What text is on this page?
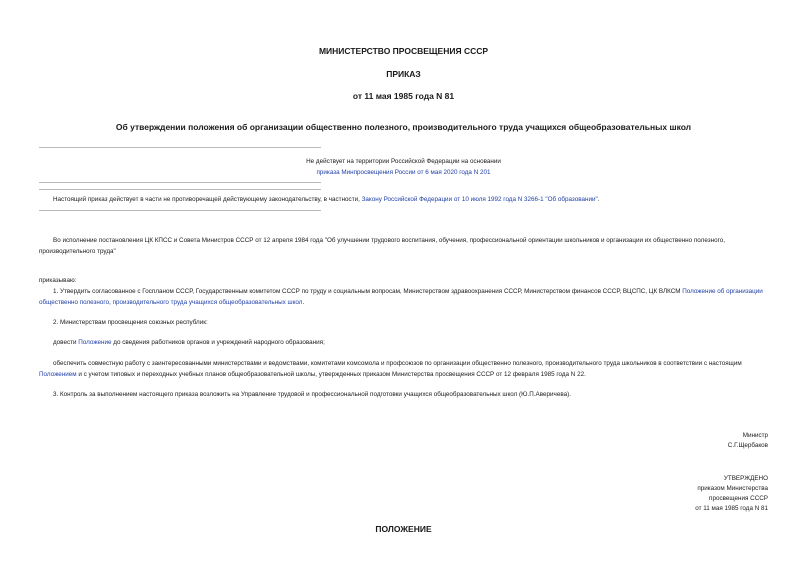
МИНИСТЕРСТВО ПРОСВЕЩЕНИЯ СССР
ПРИКАЗ
от 11 мая 1985 года N 81
Об утверждении положения об организации общественно полезного, производительного труда учащихся общеобразовательных школ
Не действует на территории Российской Федерации на основании
приказа Минпросвещения России от 6 мая 2020 года N 201
Настоящий приказ действует в части не противоречащей действующему законодательству, в частности, Закону Российской Федерации от 10 июля 1992 года N 3266-1 "Об образовании".
Во исполнение постановления ЦК КПСС и Совета Министров СССР от 12 апреля 1984 года "Об улучшении трудового воспитания, обучения, профессиональной ориентации школьников и организации их общественно полезного, производительного труда"
приказываю:
1. Утвердить согласованное с Госпланом СССР, Государственным комитетом СССР по труду и социальным вопросам, Министерством здравоохранения СССР, Министерством финансов СССР, ВЦСПС, ЦК ВЛКСМ Положение об организации общественно полезного, производительного труда учащихся общеобразовательных школ.
2. Министерствам просвещения союзных республик:
довести Положение до сведения работников органов и учреждений народного образования;
обеспечить совместную работу с заинтересованными министерствами и ведомствами, комитетами комсомола и профсоюзов по организации общественно полезного, производительного труда школьников в соответствии с настоящим Положением и с учетом типовых и переходных учебных планов общеобразовательной школы, утвержденных приказом Министерства просвещения СССР от 12 февраля 1985 года N 22.
3. Контроль за выполнением настоящего приказа возложить на Управление трудовой и профессиональной подготовки учащихся общеобразовательных школ (Ю.П.Аверичева).
Министр
С.Г.Щербаков
УТВЕРЖДЕНО
приказом Министерства
просвещения СССР
от 11 мая 1985 года N 81
ПОЛОЖЕНИЕ
